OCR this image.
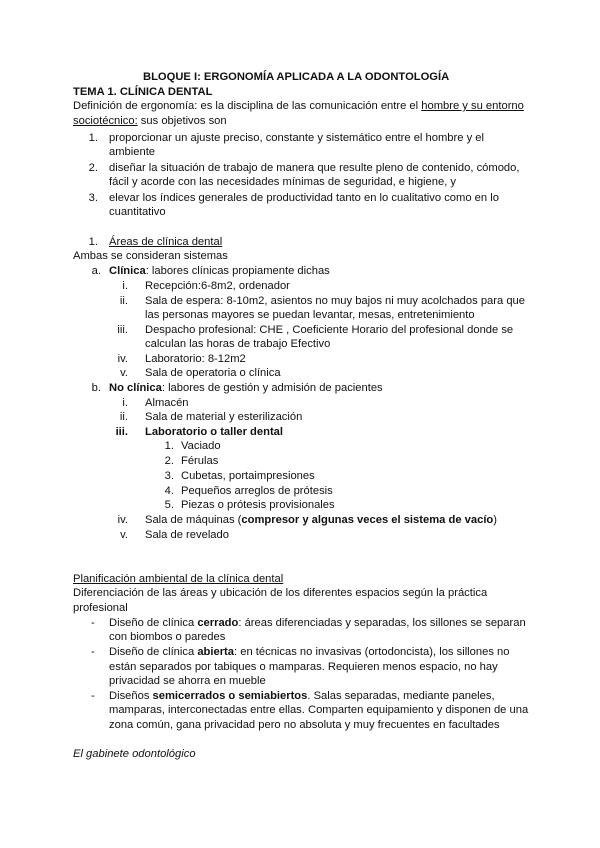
BLOQUE I: ERGONOMÍA APLICADA A LA ODONTOLOGÍA
TEMA 1. CLÍNICA DENTAL
Definición de ergonomía: es la disciplina de las comunicación entre el hombre y su entorno
sociotécnico: sus objetivos son
1. proporcionar un ajuste preciso, constante y sistemático entre el hombre y el
ambiente
2. diseñar la situación de trabajo de manera que resulte pleno de contenido, cómodo,
fácil y acorde con las necesidades mínimas de seguridad, e higiene, y
3. elevar los índices generales de productividad tanto en lo cualitativo como en lo
cuantitativo
1. Áreas de clínica dental
Ambas se consideran sistemas
a. Clínica: labores clínicas propiamente dichas
i. Recepción:6-8m2, ordenador
ii. Sala de espera: 8-10m2, asientos no muy bajos ni muy acolchados para que
las personas mayores se puedan levantar, mesas, entretenimiento
iii. Despacho profesional: CHE , Coeficiente Horario del profesional donde se
calculan las horas de trabajo Efectivo
iv. Laboratorio: 8-12m2
v. Sala de operatoria o clínica
b. No clínica: labores de gestión y admisión de pacientes
i. Almacén
ii. Sala de material y esterilización
iii. Laboratorio o taller dental
1. Vaciado
2. Férulas
3. Cubetas, portaimpresiones
4. Pequeños arreglos de prótesis
5. Piezas o prótesis provisionales
iv. Sala de máquinas (compresor y algunas veces el sistema de vacío)
v. Sala de revelado
Planificación ambiental de la clínica dental
Diferenciación de las áreas y ubicación de los diferentes espacios según la práctica
profesional
- Diseño de clínica cerrado: áreas diferenciadas y separadas, los sillones se separan
con biombos o paredes
- Diseño de clínica abierta: en técnicas no invasivas (ortodoncista), los sillones no
están separados por tabiques o mamparas. Requieren menos espacio, no hay
privacidad se ahorra en mueble
- Diseños semicerrados o semiabiertos. Salas separadas, mediante paneles,
mamparas, interconectadas entre ellas. Comparten equipamiento y disponen de una
zona común, gana privacidad pero no absoluta y muy frecuentes en facultades
El gabinete odontológico
